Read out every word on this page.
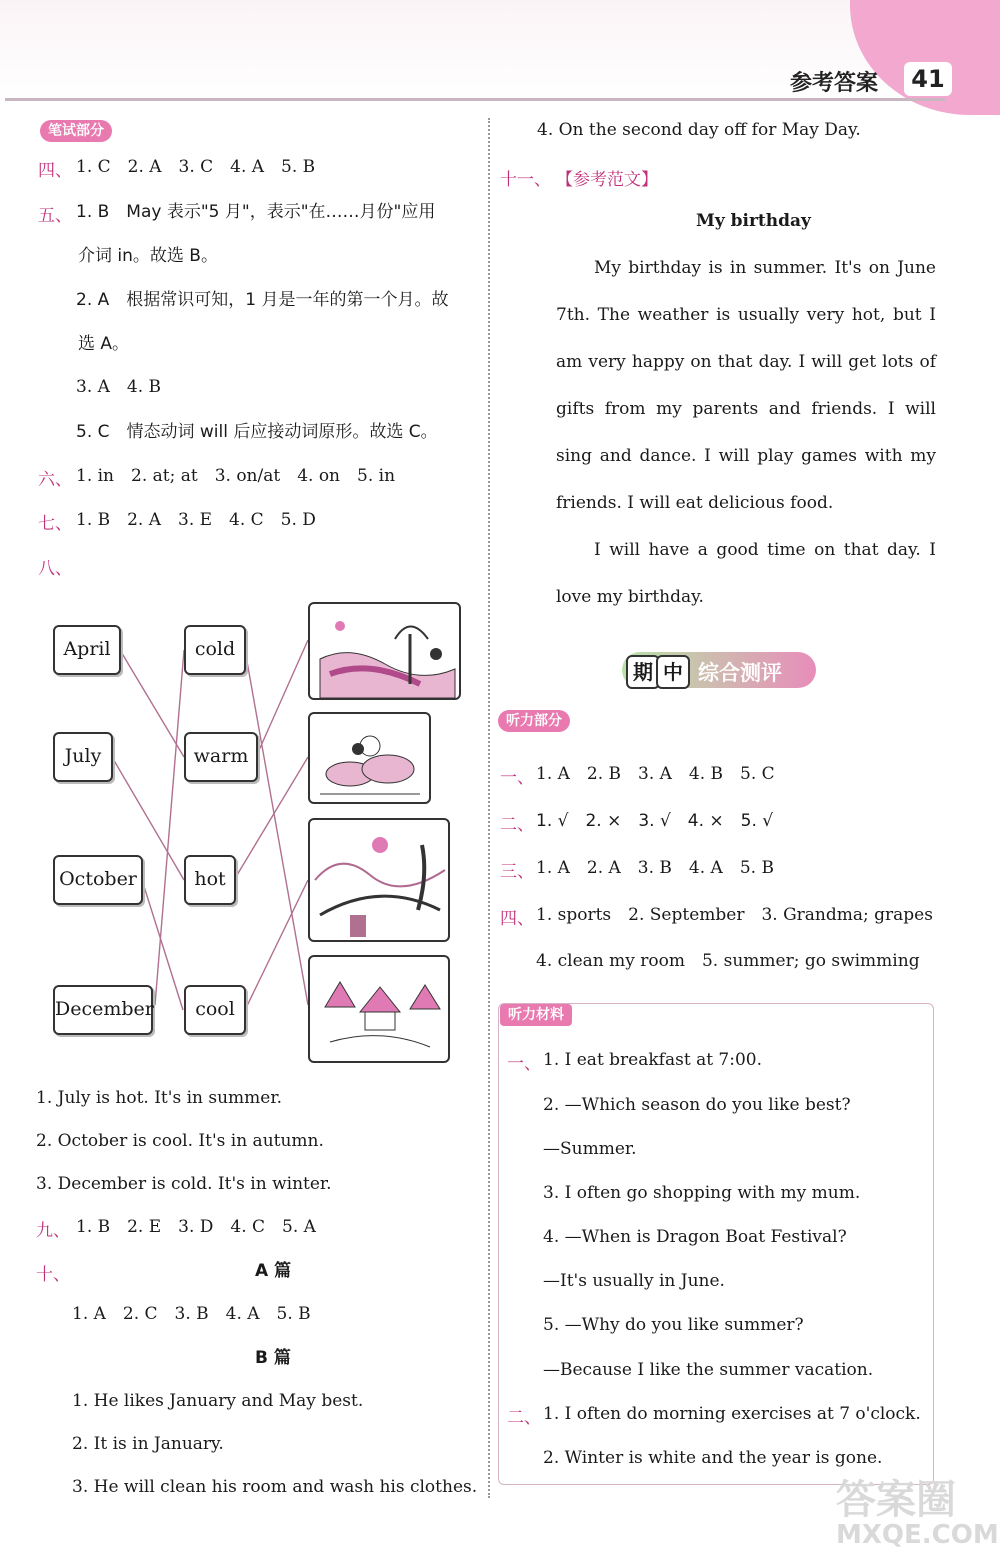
参考答案	41
笔试部分
四、 1. C　2. A　3. C　4. A　5. B
五、 1. B　May 表示"5 月"，表示"在……月份"应用
介词 in。故选 B。
2. A　根据常识可知，1 月是一年的第一个月。故
选 A。
3. A　4. B
5. C　情态动词 will 后应接动词原形。故选 C。
六、 1. in　2. at; at　3. on/at　4. on　5. in
七、 1. B　2. A　3. E　4. C　5. D
八、
April
July
October
December
cold
warm
hot
cool
1. July is hot. It's in summer.
2. October is cool. It's in autumn.
3. December is cold. It's in winter.
九、 1. B　2. E　3. D　4. C　5. A
十、	A 篇
1. A　2. C　3. B　4. A　5. B
B 篇
1. He likes January and May best.
2. It is in January.
3. He will clean his room and wash his clothes.
4. On the second day off for May Day.
十一、 【参考范文】
My birthday
My birthday is in summer. It's on June 7th. The weather is usually very hot, but I am very happy on that day. I will get lots of gifts from my parents and friends. I will sing and dance. I will play games with my friends. I will eat delicious food.
I will have a good time on that day. I love my birthday.
期 中 综合测评
听力部分
一、 1. A　2. B　3. A　4. B　5. C
二、 1. √　2. ×　3. √　4. ×　5. √
三、 1. A　2. A　3. B　4. A　5. B
四、 1. sports　2. September　3. Grandma; grapes
4. clean my room　5. summer; go swimming
听力材料
一、 1. I eat breakfast at 7:00.
2. —Which season do you like best?
—Summer.
3. I often go shopping with my mum.
4. —When is Dragon Boat Festival?
—It's usually in June.
5. —Why do you like summer?
—Because I like the summer vacation.
二、 1. I often do morning exercises at 7 o'clock.
2. Winter is white and the year is gone.
答案圈
MXQE.COM
